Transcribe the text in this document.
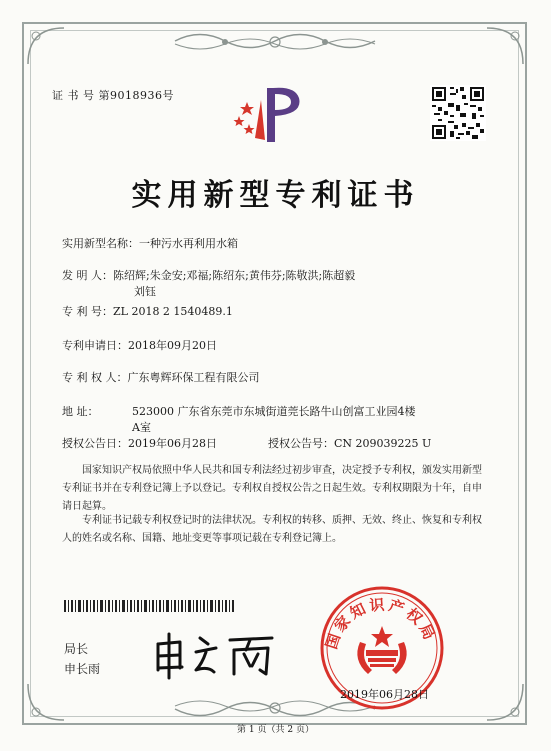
证 书 号 第9018936号
实用新型专利证书
实用新型名称：一种污水再利用水箱
发 明 人：陈绍辉;朱金安;邓福;陈绍东;黄伟芬;陈敬洪;陈超毅
刘钰
专 利 号：ZL 2018 2 1540489.1
专利申请日：2018年09月20日
专 利 权 人：广东粤辉环保工程有限公司
地 址：	523000 广东省东莞市东城街道莞长路牛山创富工业园4楼
A室
授权公告日：2019年06月28日	授权公告号：CN 209039225 U
国家知识产权局依照中华人民共和国专利法经过初步审查，决定授予专利权，颁发实用新型专利证书并在专利登记簿上予以登记。专利权自授权公告之日起生效。专利权期限为十年，自申请日起算。
专利证书记载专利权登记时的法律状况。专利权的转移、质押、无效、终止、恢复和专利权人的姓名或名称、国籍、地址变更等事项记载在专利登记簿上。
局长
申长雨
国家知识产权局
2019年06月28日
第 1 页（共 2 页）
